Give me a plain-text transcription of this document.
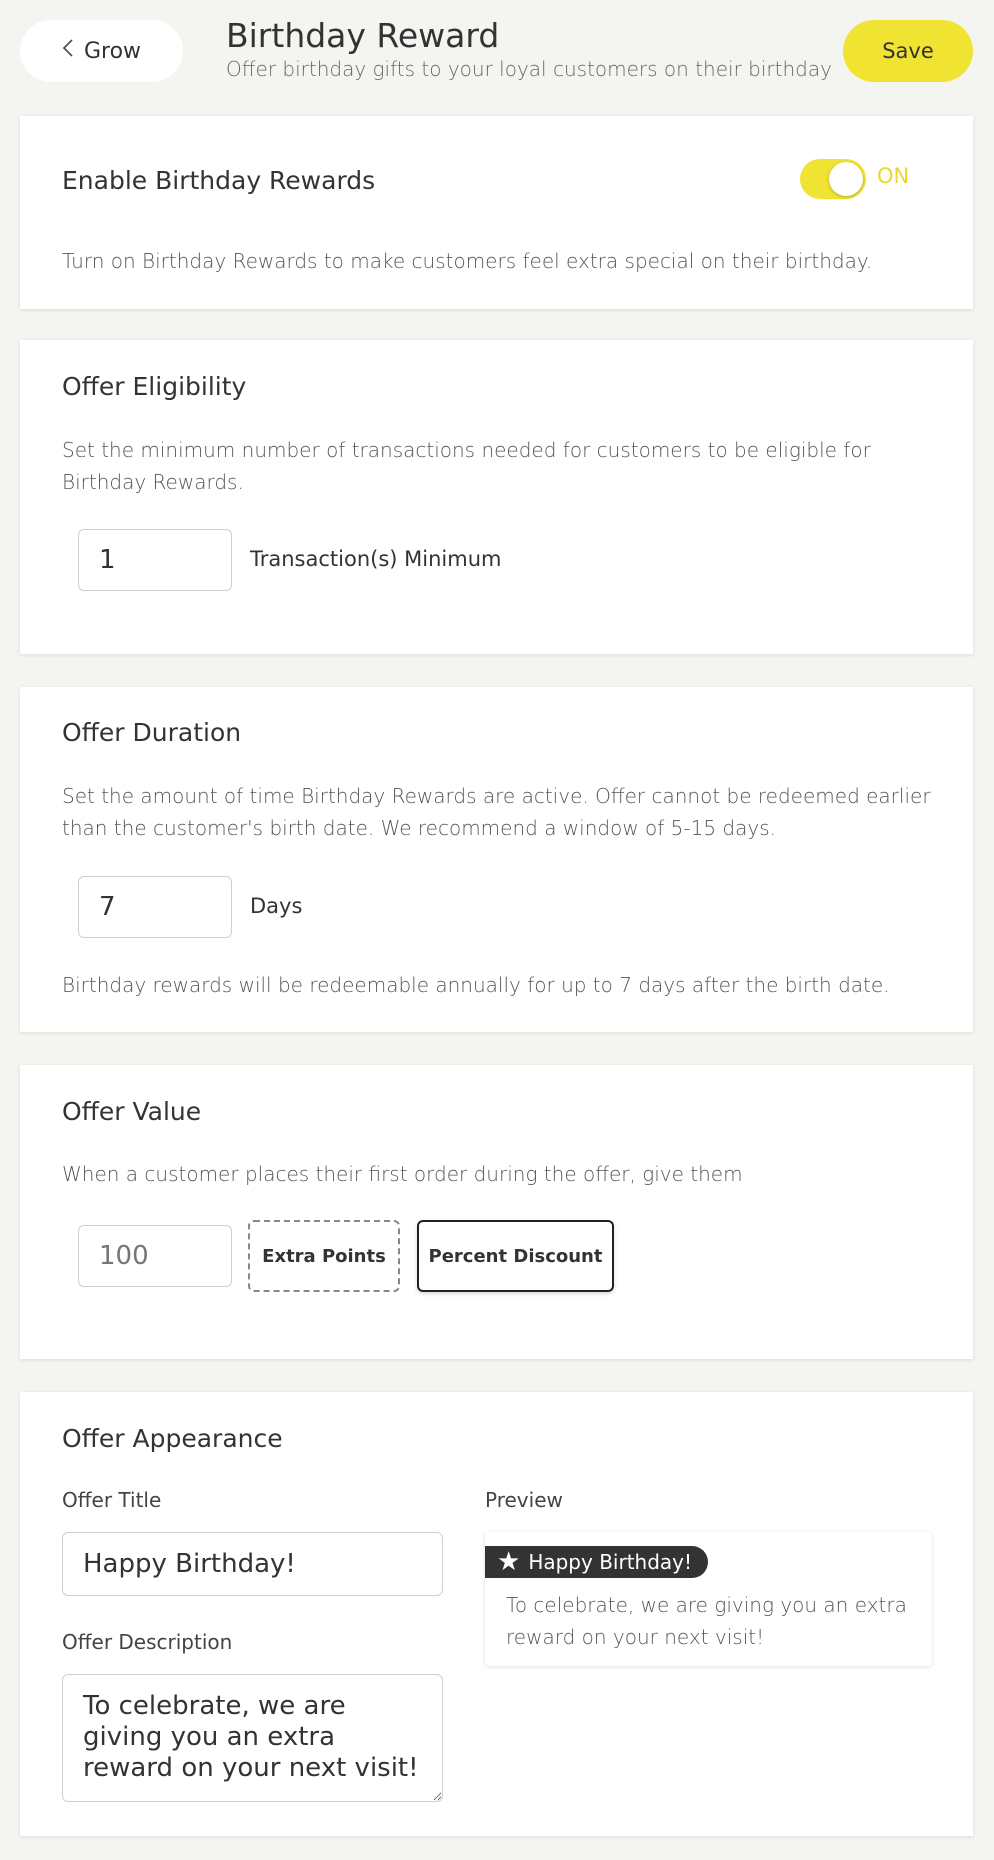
Grow	Birthday Reward
Offer birthday gifts to your loyal customers on their birthday
Save
Enable Birthday Rewards	ON

Turn on Birthday Rewards to make customers feel extra special on their birthday.

Offer Eligibility

Set the minimum number of transactions needed for customers to be eligible for Birthday Rewards.

1
Transaction(s) Minimum
Offer Duration

Set the amount of time Birthday Rewards are active. Offer cannot be redeemed earlier than the customer's birth date. We recommend a window of 5-15 days.

7
Days

Birthday rewards will be redeemable annually for up to 7 days after the birth date.

Offer Value

When a customer places their first order during the offer, give them

100
Extra Points	Percent Discount
Offer Appearance
Offer Title
Happy Birthday!
Offer Description
To celebrate, we are giving you an extra reward on your next visit!
Preview
★ Happy Birthday!
To celebrate, we are giving you an extra reward on your next visit!
